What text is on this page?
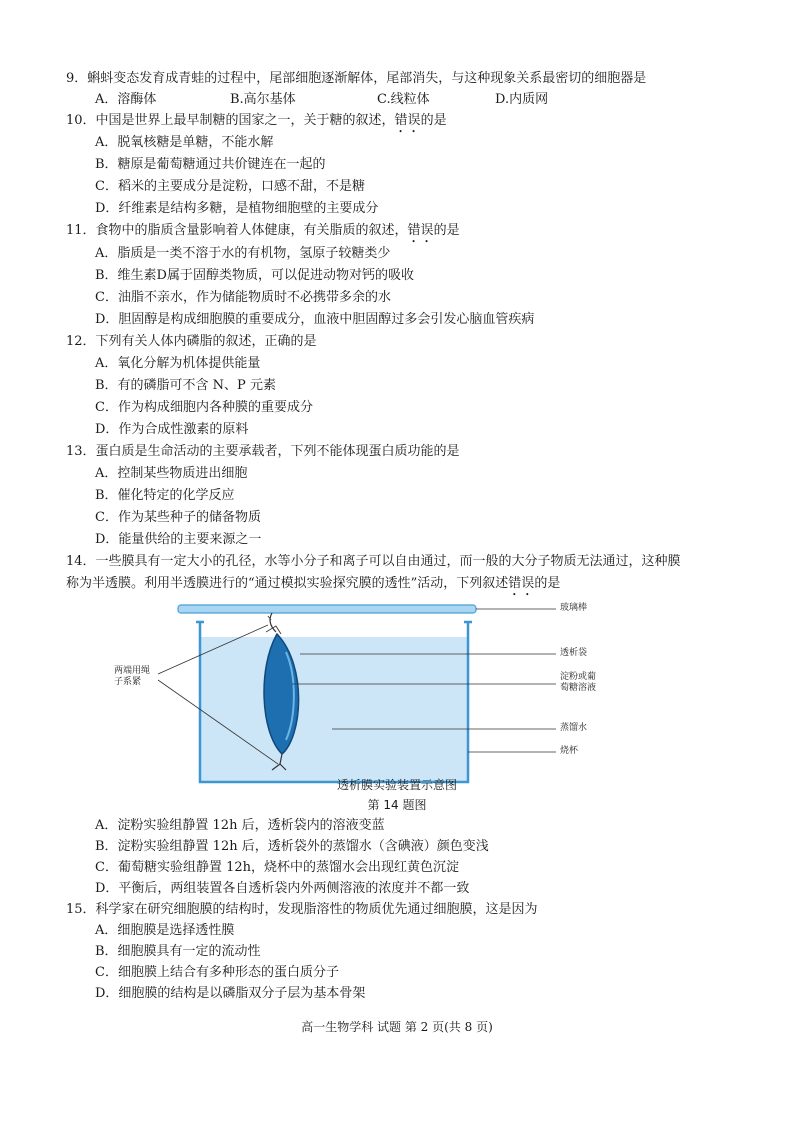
9．蝌蚪变态发育成青蛙的过程中，尾部细胞逐渐解体，尾部消失，与这种现象关系最密切的细胞器是
A．溶酶体	B.高尔基体	C.线粒体	D.内质网
10．中国是世界上最早制糖的国家之一，关于糖的叙述，错误的是
A．脱氧核糖是单糖，不能水解
B．糖原是葡萄糖通过共价键连在一起的
C．稻米的主要成分是淀粉，口感不甜，不是糖
D．纤维素是结构多糖，是植物细胞壁的主要成分
11．食物中的脂质含量影响着人体健康，有关脂质的叙述，错误的是
A．脂质是一类不溶于水的有机物，氢原子较糖类少
B．维生素D属于固醇类物质，可以促进动物对钙的吸收
C．油脂不亲水，作为储能物质时不必携带多余的水
D．胆固醇是构成细胞膜的重要成分，血液中胆固醇过多会引发心脑血管疾病
12．下列有关人体内磷脂的叙述，正确的是
A．氧化分解为机体提供能量
B．有的磷脂可不含 N、P 元素
C．作为构成细胞内各种膜的重要成分
D．作为合成性激素的原料
13．蛋白质是生命活动的主要承载者，下列不能体现蛋白质功能的是
A．控制某些物质进出细胞
B．催化特定的化学反应
C．作为某些种子的储备物质
D．能量供给的主要来源之一
14．一些膜具有一定大小的孔径，水等小分子和离子可以自由通过，而一般的大分子物质无法通过，这种膜
称为半透膜。利用半透膜进行的“通过模拟实验探究膜的透性”活动，下列叙述错误的是
玻璃棒
透析袋
淀粉或葡
萄糖溶液
蒸馏水
烧杯
两端用绳
子系紧
透析膜实验装置示意图
第 14 题图
A．淀粉实验组静置 12h 后，透析袋内的溶液变蓝
B．淀粉实验组静置 12h 后，透析袋外的蒸馏水（含碘液）颜色变浅
C．葡萄糖实验组静置 12h，烧杯中的蒸馏水会出现红黄色沉淀
D．平衡后，两组装置各自透析袋内外两侧溶液的浓度并不都一致
15．科学家在研究细胞膜的结构时，发现脂溶性的物质优先通过细胞膜，这是因为
A．细胞膜是选择透性膜
B．细胞膜具有一定的流动性
C．细胞膜上结合有多种形态的蛋白质分子
D．细胞膜的结构是以磷脂双分子层为基本骨架
高一生物学科 试题 第 2 页(共 8 页)
